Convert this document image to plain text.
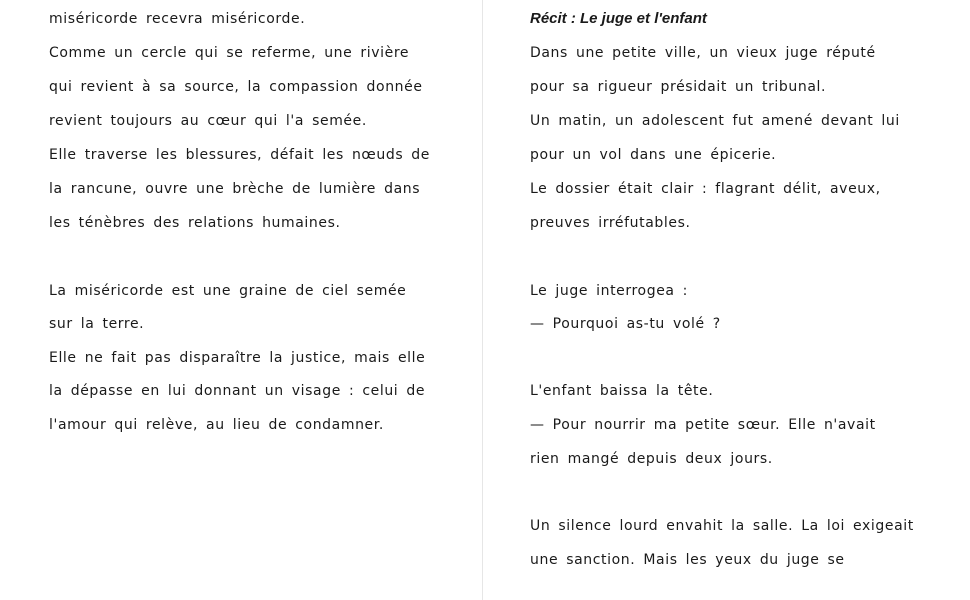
miséricorde recevra miséricorde.
Comme un cercle qui se referme, une rivière
qui revient à sa source, la compassion donnée
revient toujours au cœur qui l'a semée.
Elle traverse les blessures, défait les nœuds de
la rancune, ouvre une brèche de lumière dans
les ténèbres des relations humaines.
La miséricorde est une graine de ciel semée
sur la terre.
Elle ne fait pas disparaître la justice, mais elle
la dépasse en lui donnant un visage : celui de
l'amour qui relève, au lieu de condamner.
Récit : Le juge et l'enfant
Dans une petite ville, un vieux juge réputé
pour sa rigueur présidait un tribunal.
Un matin, un adolescent fut amené devant lui
pour un vol dans une épicerie.
Le dossier était clair : flagrant délit, aveux,
preuves irréfutables.
Le juge interrogea :
— Pourquoi as-tu volé ?
L'enfant baissa la tête.
— Pour nourrir ma petite sœur. Elle n'avait
rien mangé depuis deux jours.
Un silence lourd envahit la salle. La loi exigeait
une sanction. Mais les yeux du juge se
